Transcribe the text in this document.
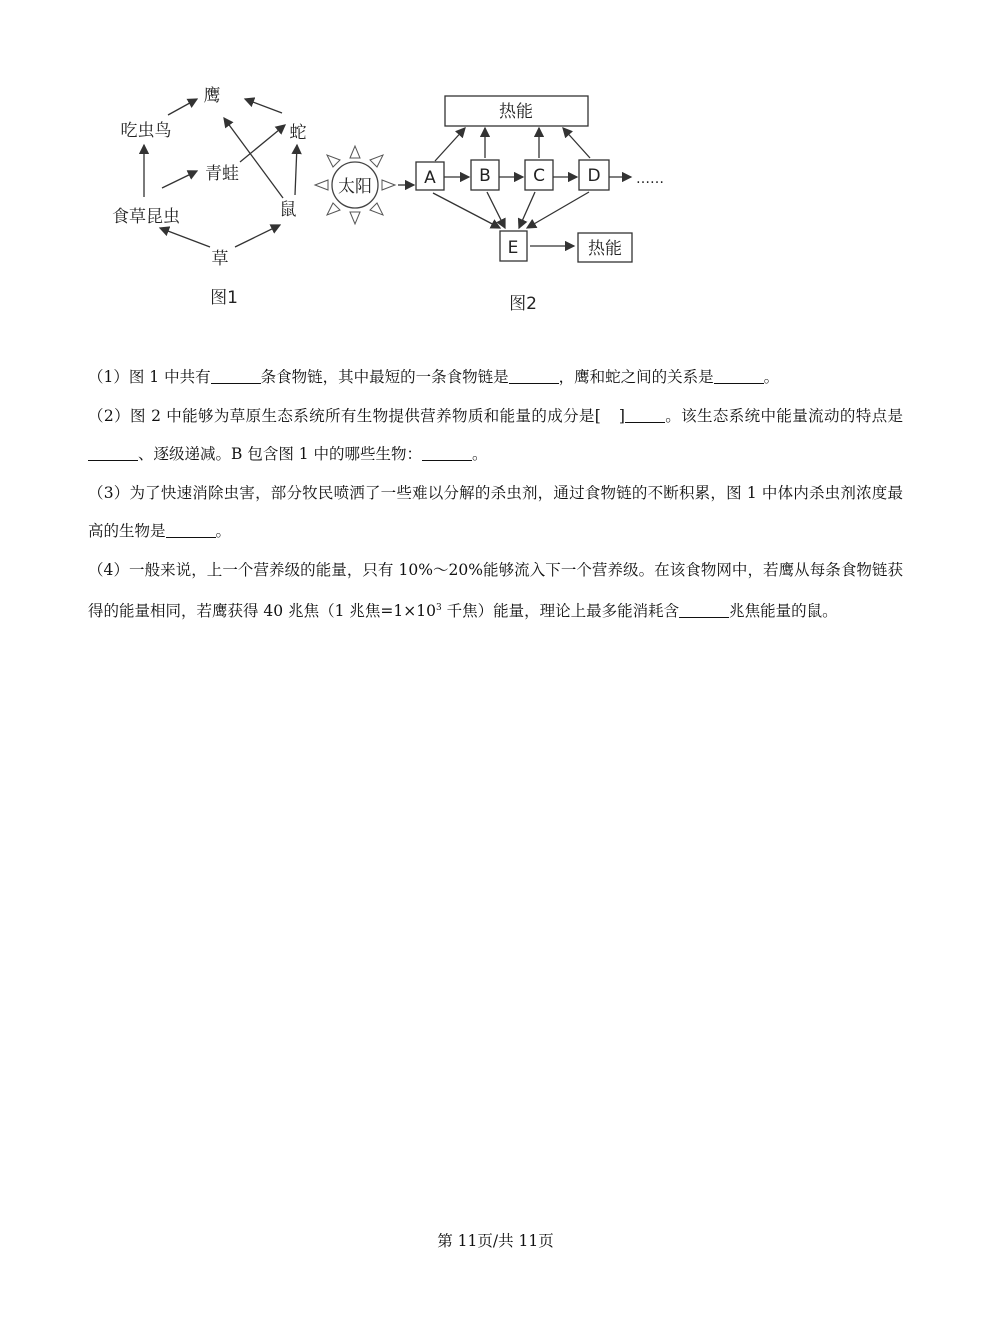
鹰
吃虫鸟	蛇
青蛙
食草昆虫	鼠
草
图1
太阳
热能
热能
A	B C	D
E
……
图2

（1）图 1 中共有	条食物链，其中最短的一条食物链是	，鹰和蛇之间的关系是	。

（2）图 2 中能够为草原生态系统所有生物提供营养物质和能量的成分是[ ]	。该生态系统中能量流动的特点是、逐级递减。B 包含图 1 中的哪些生物：	。

（3）为了快速消除虫害，部分牧民喷洒了一些难以分解的杀虫剂，通过食物链的不断积累，图 1 中体内杀虫剂浓度最高的生物是	。

（4）一般来说，上一个营养级的能量，只有 10%～20%能够流入下一个营养级。在该食物网中，若鹰从每条食物链获得的能量相同，若鹰获得 40 兆焦（1 兆焦$=1\times 10^3$ 千焦）能量，理论上最多能消耗含	兆焦能量的鼠。

第 11页/共 11页
